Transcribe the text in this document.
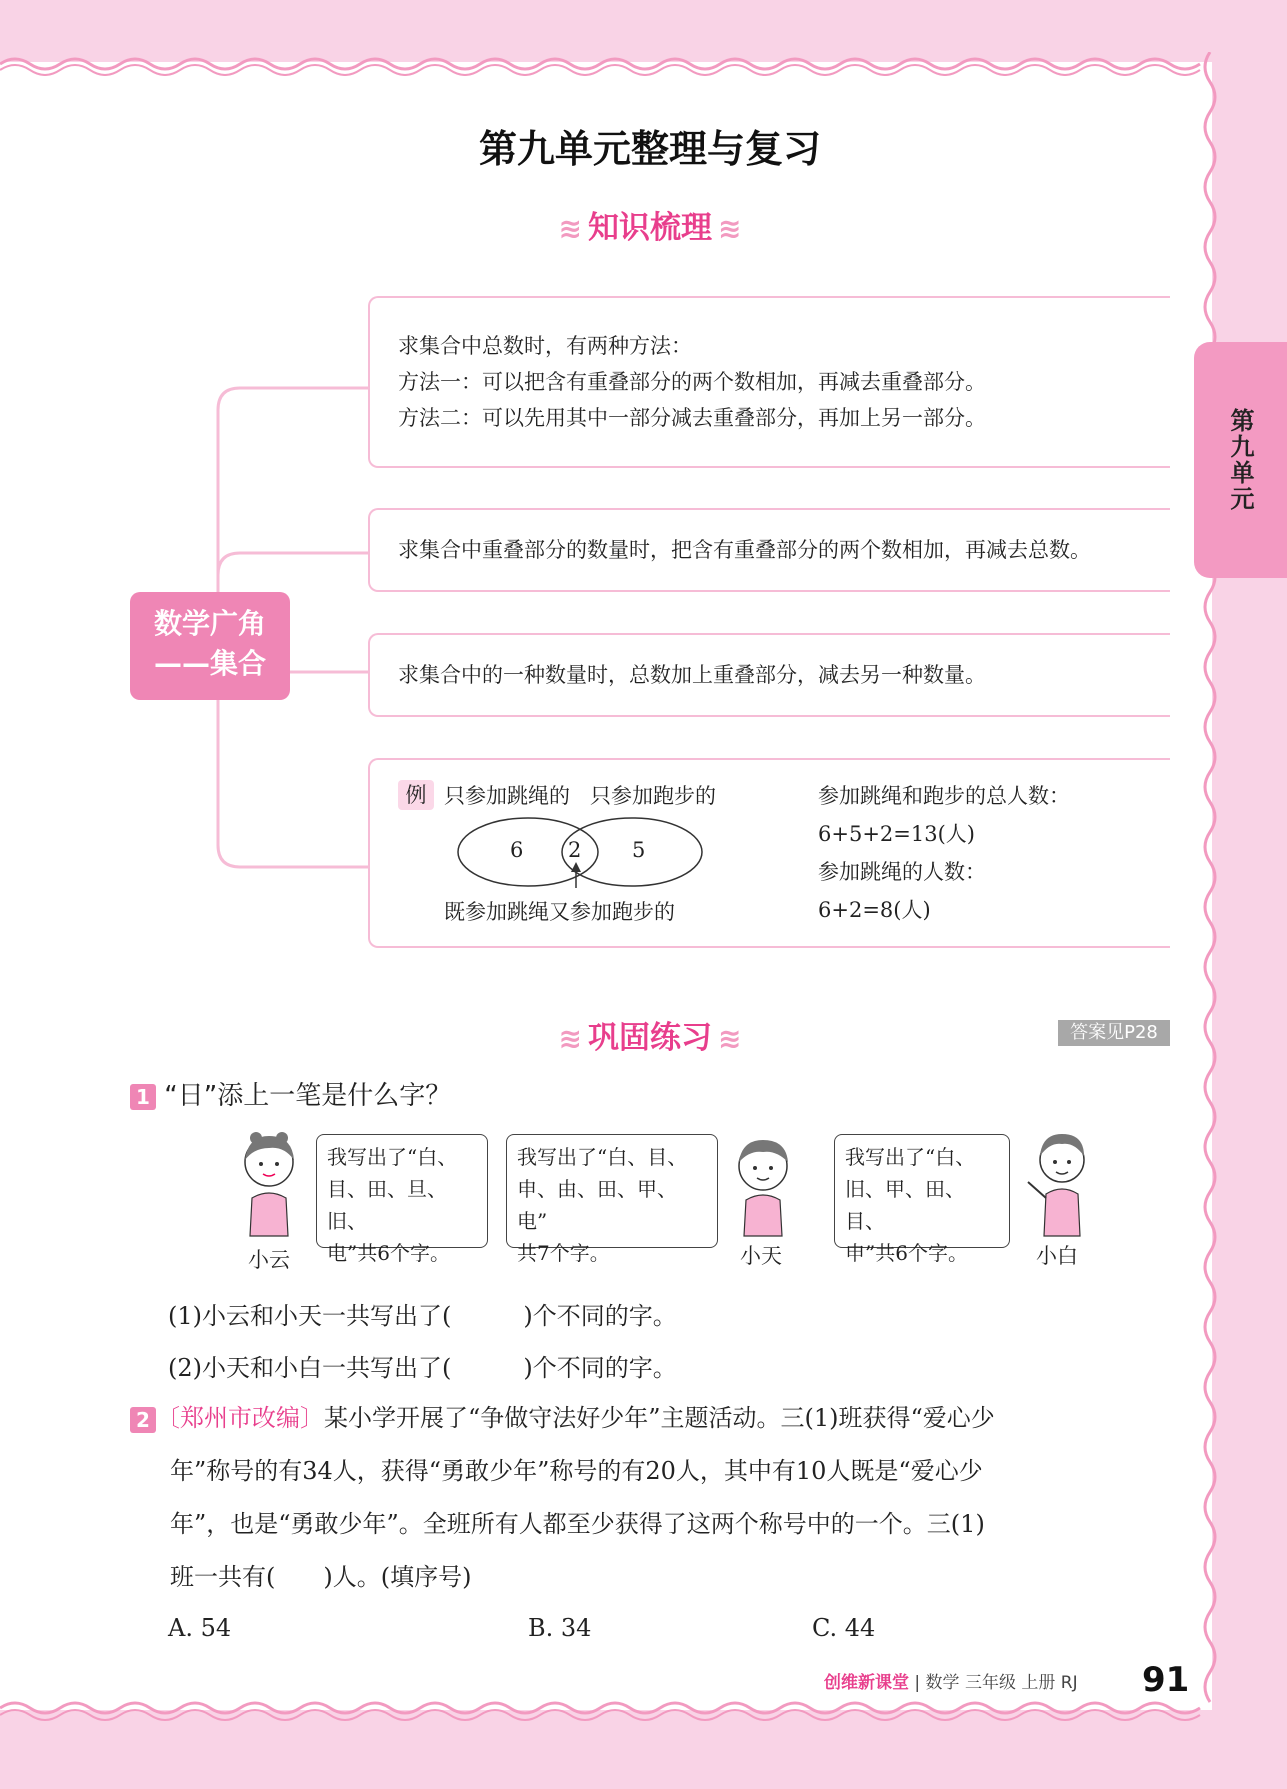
第九单元整理与复习
第九单元
≋ 知识梳理 ≋
数学广角
——集合
求集合中总数时，有两种方法：
方法一：可以把含有重叠部分的两个数相加，再减去重叠部分。
方法二：可以先用其中一部分减去重叠部分，再加上另一部分。
求集合中重叠部分的数量时，把含有重叠部分的两个数相加，再减去总数。
求集合中的一种数量时，总数加上重叠部分，减去另一种数量。
例 只参加跳绳的 只参加跑步的
6 2 5
既参加跳绳又参加跑步的
参加跳绳和跑步的总人数：
6+5+2=13(人)
参加跳绳的人数：
6+2=8(人)
≋ 巩固练习 ≋	答案见P28
1 “日”添上一笔是什么字？
我写出了“白、
目、田、旦、旧、
电”共6个字。
小云
我写出了“白、目、
申、由、田、甲、电”
共7个字。	小天
我写出了“白、
旧、甲、田、目、
申”共6个字。	小白
(1)小云和小天一共写出了(　　　)个不同的字。
(2)小天和小白一共写出了(　　　)个不同的字。
2 〔郑州市改编〕某小学开展了“争做守法好少年”主题活动。三(1)班获得“爱心少
年”称号的有34人，获得“勇敢少年”称号的有20人，其中有10人既是“爱心少
年”，也是“勇敢少年”。全班所有人都至少获得了这两个称号中的一个。三(1)
班一共有(　　)人。(填序号)
A. 54	B. 34	C. 44
创维新课堂 | 数学 三年级 上册 RJ 91
